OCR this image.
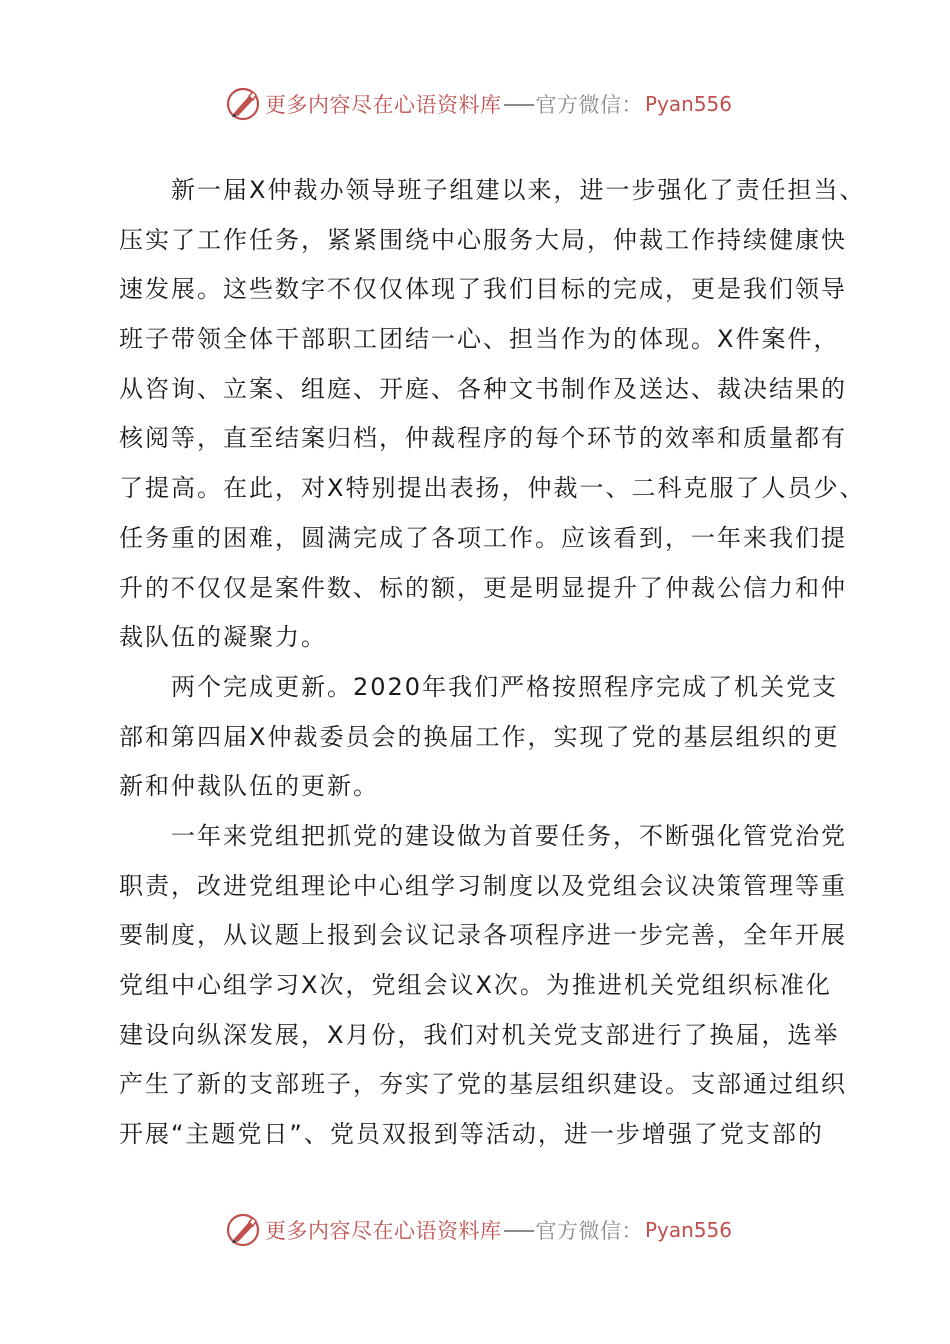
更多内容尽在心语资料库 官方微信： Pyan556
新一届X仲裁办领导班子组建以来，进一步强化了责任担当、
压实了工作任务，紧紧围绕中心服务大局，仲裁工作持续健康快
速发展。这些数字不仅仅体现了我们目标的完成，更是我们领导
班子带领全体干部职工团结一心、担当作为的体现。X件案件，
从咨询、立案、组庭、开庭、各种文书制作及送达、裁决结果的
核阅等，直至结案归档，仲裁程序的每个环节的效率和质量都有
了提高。在此，对X特别提出表扬，仲裁一、二科克服了人员少、
任务重的困难，圆满完成了各项工作。应该看到，一年来我们提
升的不仅仅是案件数、标的额，更是明显提升了仲裁公信力和仲
裁队伍的凝聚力。
两个完成更新。2020年我们严格按照程序完成了机关党支
部和第四届X仲裁委员会的换届工作，实现了党的基层组织的更
新和仲裁队伍的更新。
一年来党组把抓党的建设做为首要任务，不断强化管党治党
职责，改进党组理论中心组学习制度以及党组会议决策管理等重
要制度，从议题上报到会议记录各项程序进一步完善，全年开展
党组中心组学习X次，党组会议X次。为推进机关党组织标准化
建设向纵深发展，X月份，我们对机关党支部进行了换届，选举
产生了新的支部班子，夯实了党的基层组织建设。支部通过组织
开展“主题党日”、党员双报到等活动，进一步增强了党支部的
更多内容尽在心语资料库 官方微信： Pyan556
